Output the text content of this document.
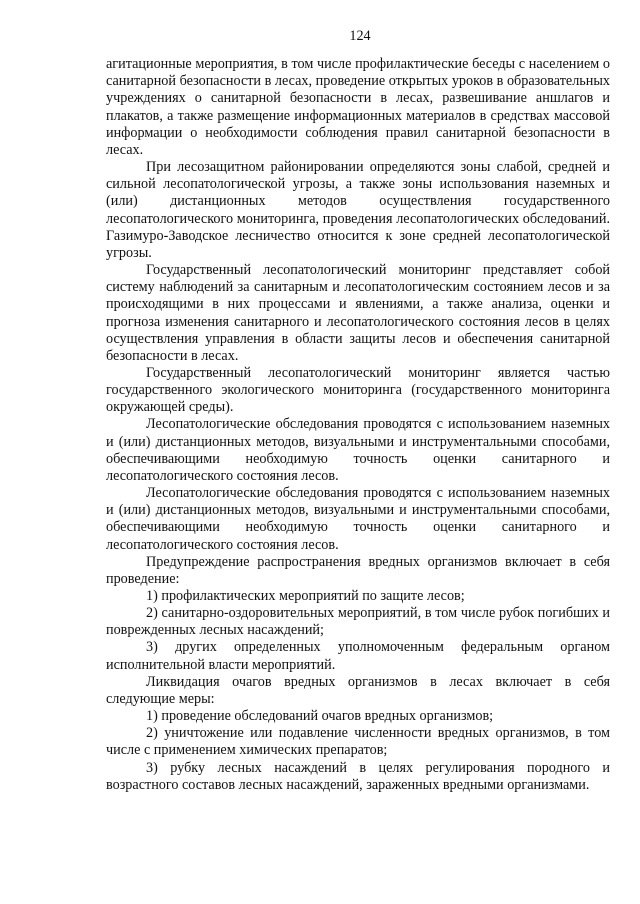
124

агитационные мероприятия, в том числе профилактические беседы с населением о санитарной безопасности в лесах, проведение открытых уроков в образовательных учреждениях о санитарной безопасности в лесах, развешивание аншлагов и плакатов, а также размещение информационных материалов в средствах массовой информации о необходимости соблюдения правил санитарной безопасности в лесах.

При лесозащитном районировании определяются зоны слабой, средней и сильной лесопатологической угрозы, а также зоны использования наземных и (или) дистанционных методов осуществления государственного лесопатологического мониторинга, проведения лесопатологических обследований. Газимуро-Заводское лесничество относится к зоне средней лесопатологической угрозы.

Государственный лесопатологический мониторинг представляет собой систему наблюдений за санитарным и лесопатологическим состоянием лесов и за происходящими в них процессами и явлениями, а также анализа, оценки и прогноза изменения санитарного и лесопатологического состояния лесов в целях осуществления управления в области защиты лесов и обеспечения санитарной безопасности в лесах.

Государственный лесопатологический мониторинг является частью государственного экологического мониторинга (государственного мониторинга окружающей среды).

Лесопатологические обследования проводятся с использованием наземных и (или) дистанционных методов, визуальными и инструментальными способами, обеспечивающими необходимую точность оценки санитарного и лесопатологического состояния лесов.

Лесопатологические обследования проводятся с использованием наземных и (или) дистанционных методов, визуальными и инструментальными способами, обеспечивающими необходимую точность оценки санитарного и лесопатологического состояния лесов.

Предупреждение распространения вредных организмов включает в себя проведение:

1) профилактических мероприятий по защите лесов;

2) санитарно-оздоровительных мероприятий, в том числе рубок погибших и поврежденных лесных насаждений;

3) других определенных уполномоченным федеральным органом исполнительной власти мероприятий.

Ликвидация очагов вредных организмов в лесах включает в себя следующие меры:

1) проведение обследований очагов вредных организмов;

2) уничтожение или подавление численности вредных организмов, в том числе с применением химических препаратов;

3) рубку лесных насаждений в целях регулирования породного и возрастного составов лесных насаждений, зараженных вредными организмами.
